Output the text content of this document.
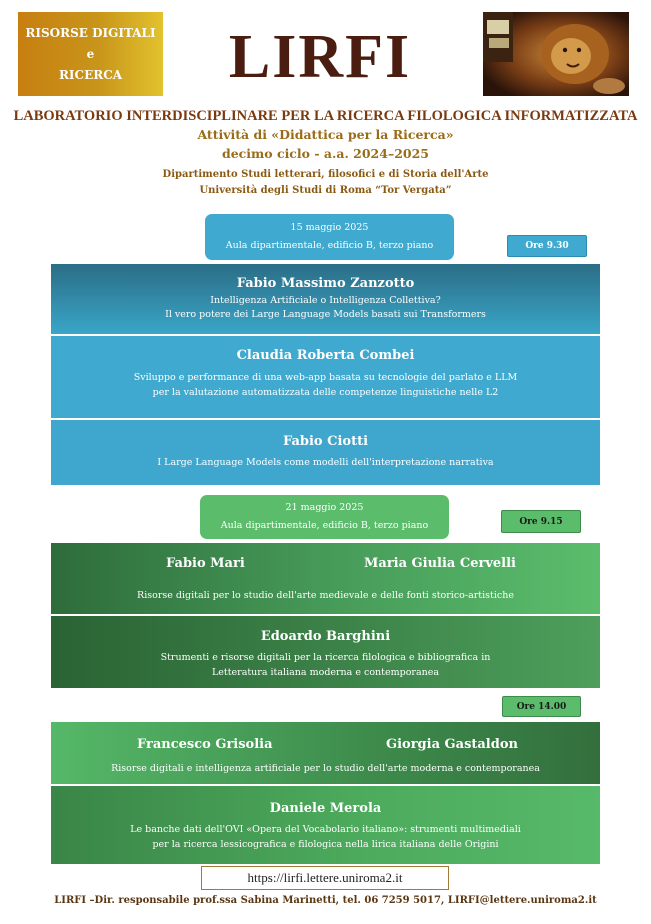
RISORSE DIGITALI
e
RICERCA	LIRFI
LABORATORIO INTERDISCIPLINARE PER LA RICERCA FILOLOGICA INFORMATIZZATA
Attività di «Didattica per la Ricerca»
decimo ciclo - a.a. 2024–2025
Dipartimento Studi letterari, filosofici e di Storia dell'Arte
Università degli Studi di Roma “Tor Vergata”
15 maggio 2025
Aula dipartimentale, edificio B, terzo piano	Ore 9.30
Fabio Massimo Zanzotto
Intelligenza Artificiale o Intelligenza Collettiva?
Il vero potere dei Large Language Models basati sui Transformers
Claudia Roberta Combei
Sviluppo e performance di una web-app basata su tecnologie del parlato e LLM
per la valutazione automatizzata delle competenze linguistiche nelle L2
Fabio Ciotti
I Large Language Models come modelli dell'interpretazione narrativa
21 maggio 2025
Aula dipartimentale, edificio B, terzo piano	Ore 9.15
Fabio Mari	Maria Giulia Cervelli
Risorse digitali per lo studio dell'arte medievale e delle fonti storico-artistiche
Edoardo Barghini
Strumenti e risorse digitali per la ricerca filologica e bibliografica in
Letteratura italiana moderna e contemporanea
Ore 14.00
Francesco Grisolia	Giorgia Gastaldon
Risorse digitali e intelligenza artificiale per lo studio dell'arte moderna e contemporanea
Daniele Merola
Le banche dati dell'OVI «Opera del Vocabolario italiano»: strumenti multimediali
per la ricerca lessicografica e filologica nella lirica italiana delle Origini
https://lirfi.lettere.uniroma2.it
LIRFI –Dir. responsabile prof.ssa Sabina Marinetti, tel. 06 7259 5017, LIRFI@lettere.uniroma2.it
